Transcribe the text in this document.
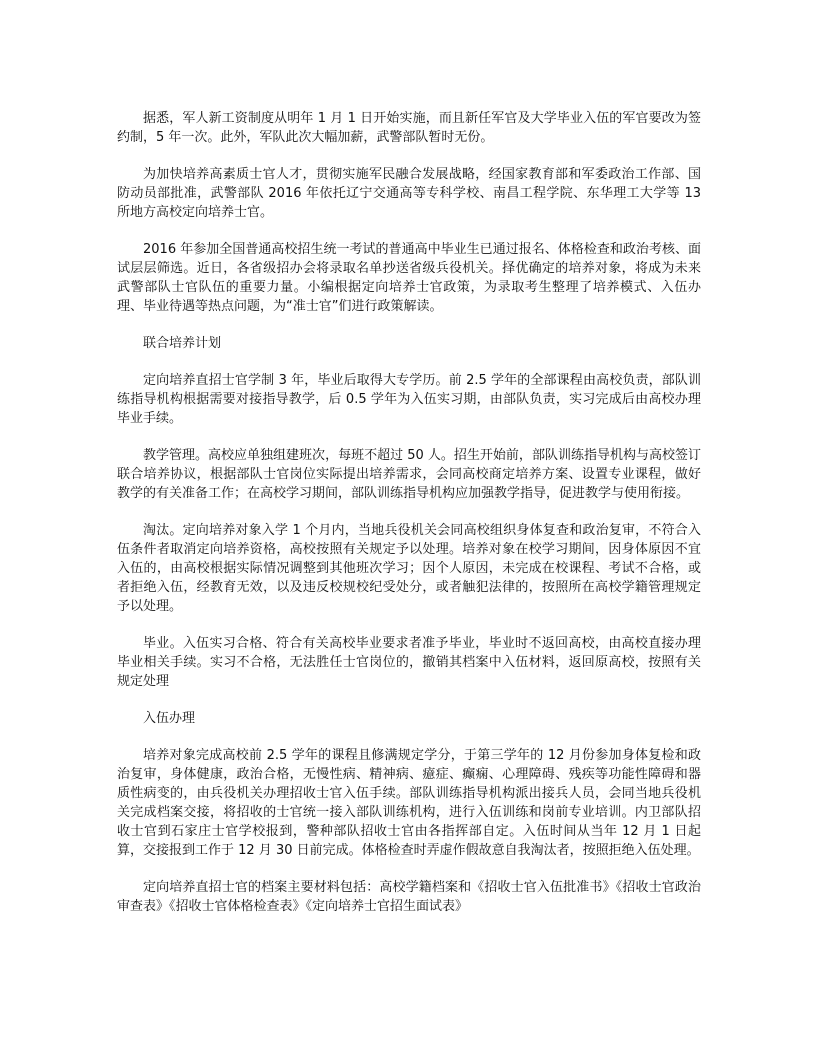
据悉，军人新工资制度从明年 1 月 1 日开始实施，而且新任军官及大学毕业入伍的军官要改为签约制，5 年一次。此外，军队此次大幅加薪，武警部队暂时无份。

为加快培养高素质士官人才，贯彻实施军民融合发展战略，经国家教育部和军委政治工作部、国防动员部批准，武警部队 2016 年依托辽宁交通高等专科学校、南昌工程学院、东华理工大学等 13 所地方高校定向培养士官。

2016 年参加全国普通高校招生统一考试的普通高中毕业生已通过报名、体格检查和政治考核、面试层层筛选。近日，各省级招办会将录取名单抄送省级兵役机关。择优确定的培养对象，将成为未来武警部队士官队伍的重要力量。小编根据定向培养士官政策，为录取考生整理了培养模式、入伍办理、毕业待遇等热点问题，为“准士官”们进行政策解读。

联合培养计划

定向培养直招士官学制 3 年，毕业后取得大专学历。前 2.5 学年的全部课程由高校负责，部队训练指导机构根据需要对接指导教学，后 0.5 学年为入伍实习期，由部队负责，实习完成后由高校办理毕业手续。

教学管理。高校应单独组建班次，每班不超过 50 人。招生开始前，部队训练指导机构与高校签订联合培养协议，根据部队士官岗位实际提出培养需求，会同高校商定培养方案、设置专业课程，做好教学的有关准备工作；在高校学习期间，部队训练指导机构应加强教学指导，促进教学与使用衔接。

淘汰。定向培养对象入学 1 个月内，当地兵役机关会同高校组织身体复查和政治复审，不符合入伍条件者取消定向培养资格，高校按照有关规定予以处理。培养对象在校学习期间，因身体原因不宜入伍的，由高校根据实际情况调整到其他班次学习；因个人原因，未完成在校课程、考试不合格，或者拒绝入伍，经教育无效，以及违反校规校纪受处分，或者触犯法律的，按照所在高校学籍管理规定予以处理。

毕业。入伍实习合格、符合有关高校毕业要求者准予毕业，毕业时不返回高校，由高校直接办理毕业相关手续。实习不合格，无法胜任士官岗位的，撤销其档案中入伍材料，返回原高校，按照有关规定处理

入伍办理

培养对象完成高校前 2.5 学年的课程且修满规定学分，于第三学年的 12 月份参加身体复检和政治复审，身体健康，政治合格，无慢性病、精神病、癔症、癫痫、心理障碍、残疾等功能性障碍和器质性病变的，由兵役机关办理招收士官入伍手续。部队训练指导机构派出接兵人员，会同当地兵役机关完成档案交接，将招收的士官统一接入部队训练机构，进行入伍训练和岗前专业培训。内卫部队招收士官到石家庄士官学校报到，警种部队招收士官由各指挥部自定。入伍时间从当年 12 月 1 日起算，交接报到工作于 12 月 30 日前完成。体格检查时弄虚作假故意自我淘汰者，按照拒绝入伍处理。

定向培养直招士官的档案主要材料包括：高校学籍档案和《招收士官入伍批准书》《招收士官政治审查表》《招收士官体格检查表》《定向培养士官招生面试表》
